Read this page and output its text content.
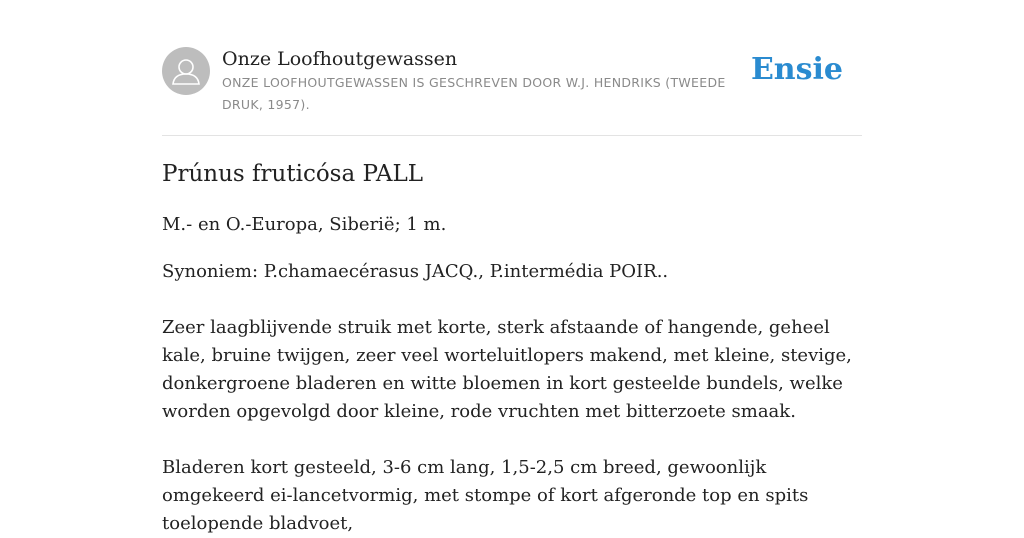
Onze Loofhoutgewassen
ONZE LOOFHOUTGEWASSEN IS GESCHREVEN DOOR W.J. HENDRIKS (TWEEDE DRUK, 1957).
Ensie
Prúnus fruticósa PALL

M.- en O.-Europa, Siberië; 1 m.

Synoniem: P.chamaecérasus JACQ., P.intermédia POIR..

Zeer laagblijvende struik met korte, sterk afstaande of hangende, geheel kale, bruine twijgen, zeer veel worteluitlopers makend, met kleine, stevige, donkergroene bladeren en witte bloemen in kort gesteelde bundels, welke worden opgevolgd door kleine, rode vruchten met bitterzoete smaak.

Bladeren kort gesteeld, 3-6 cm lang, 1,5-2,5 cm breed, gewoonlijk omgekeerd ei-lancetvormig, met stompe of kort afgeronde top en spits toelopende bladvoet,
